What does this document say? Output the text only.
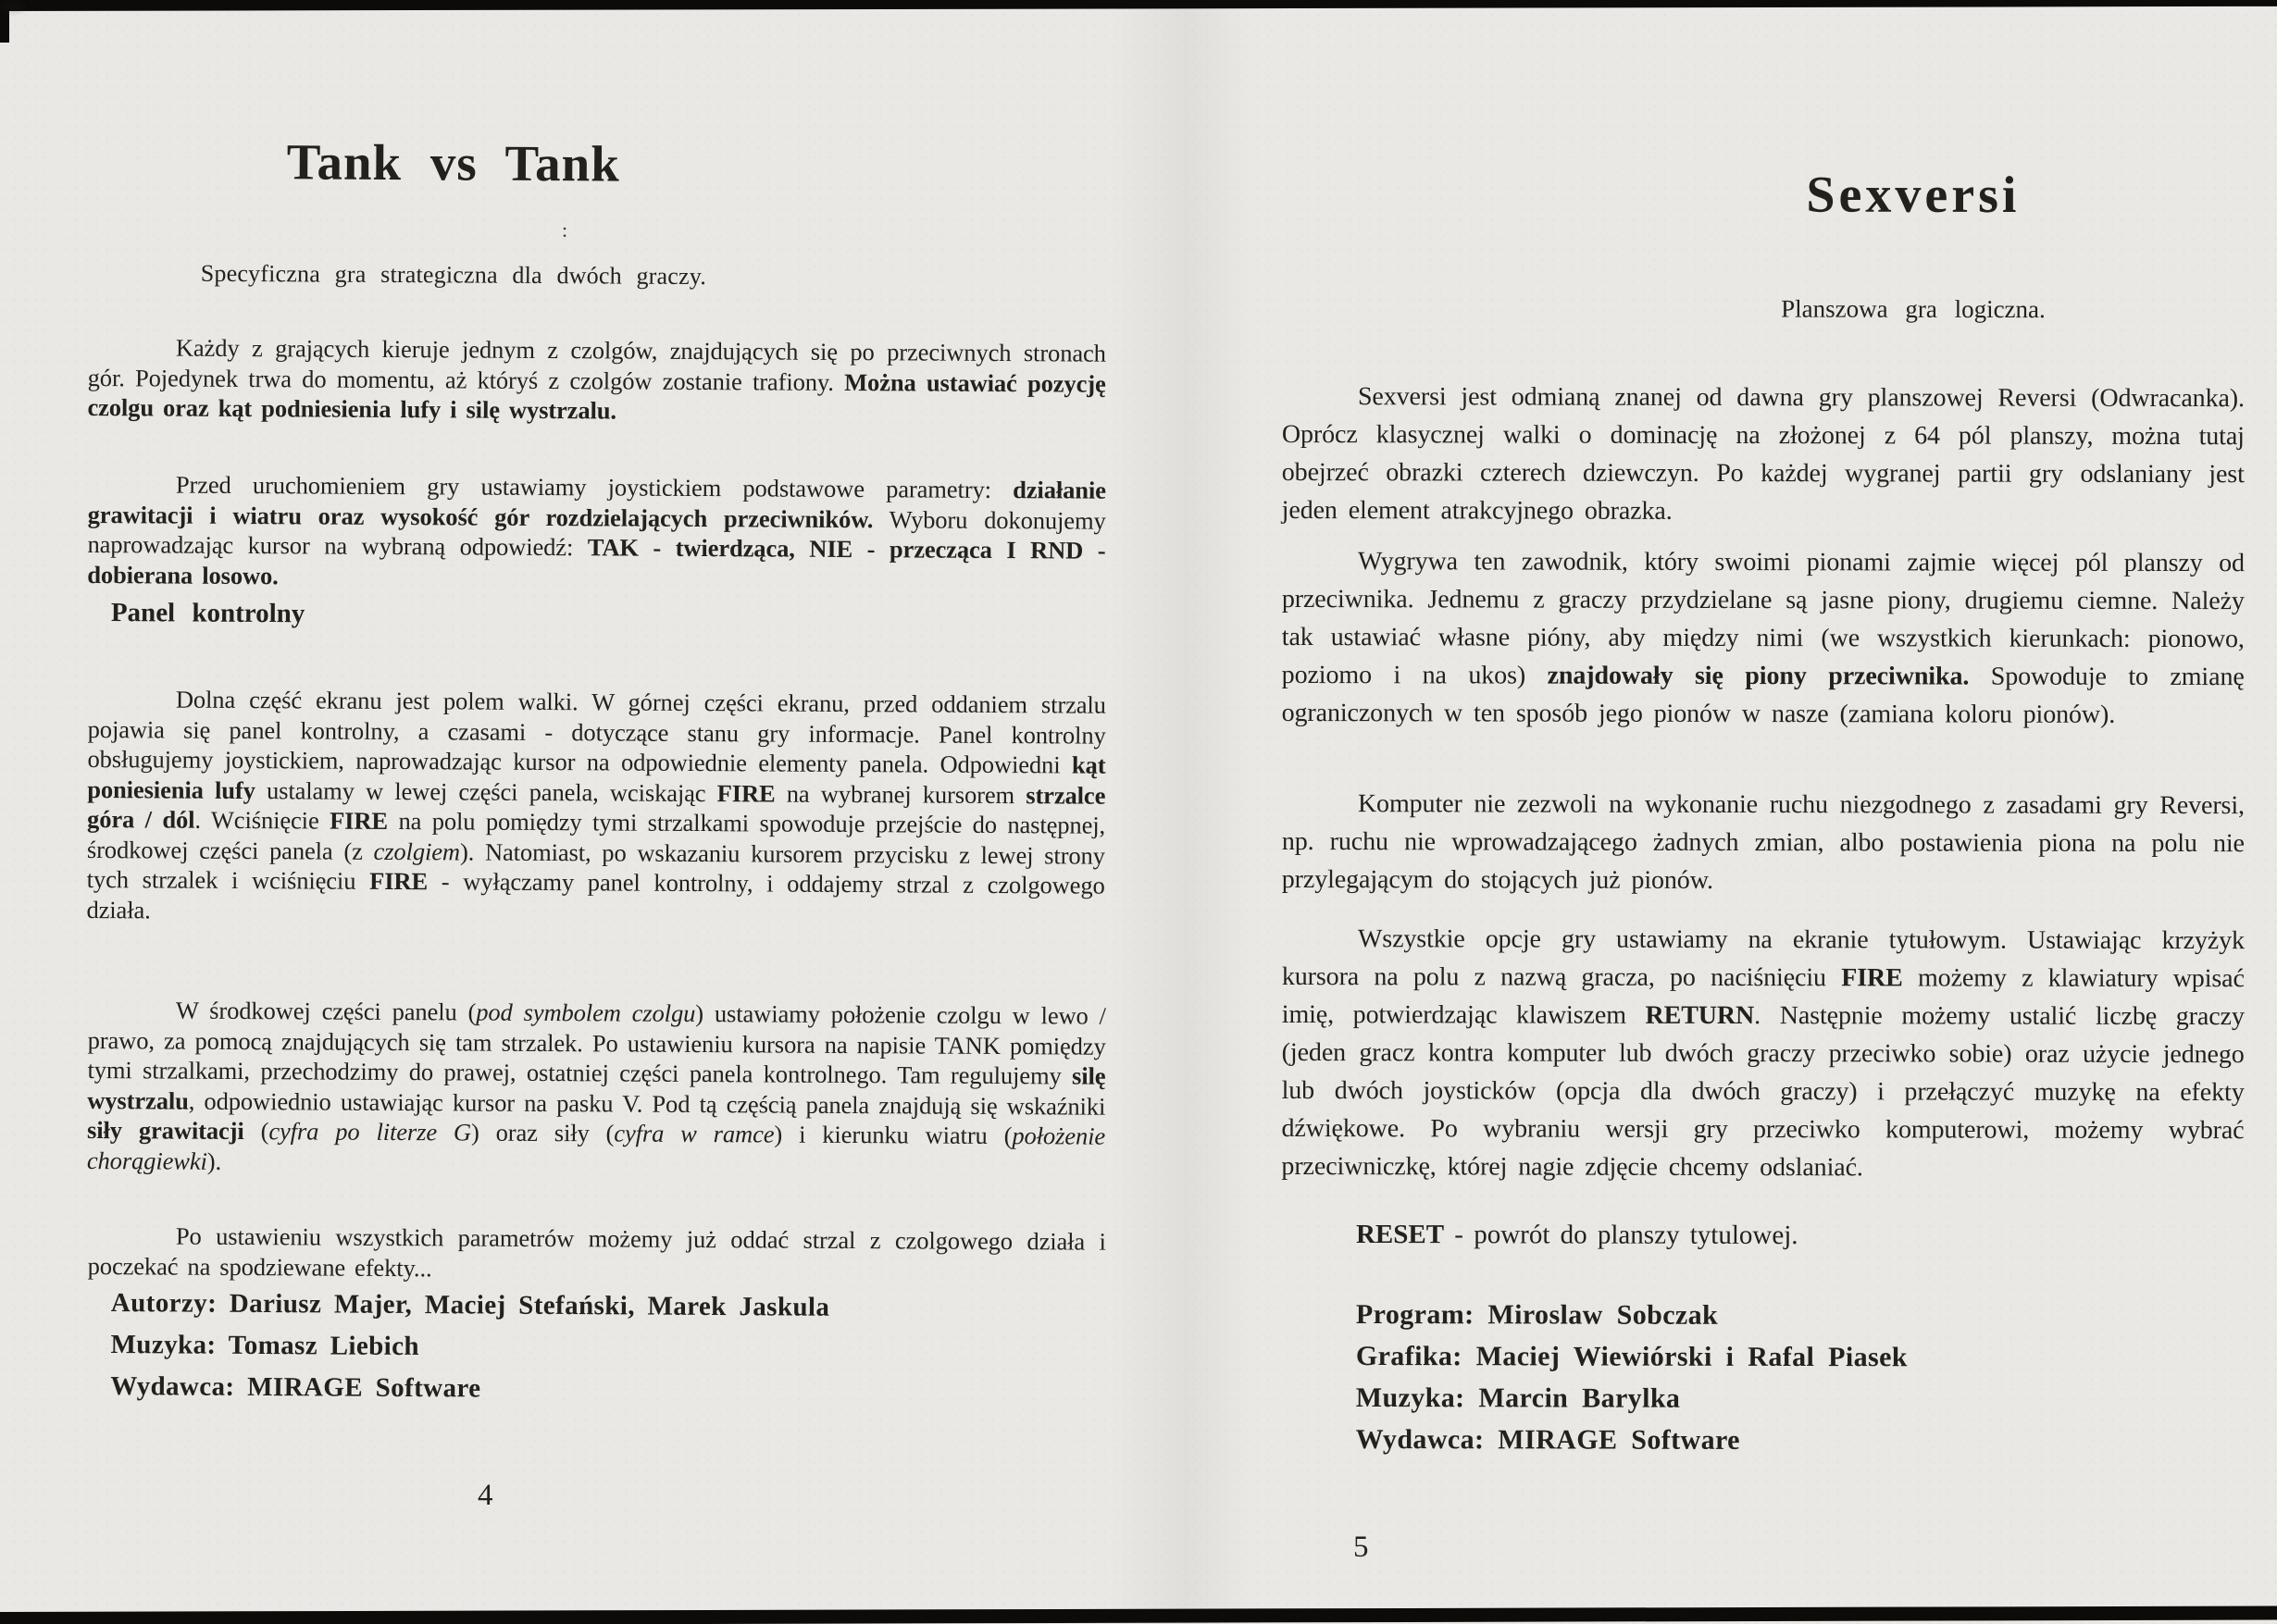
Tank vs Tank
:
Specyficzna gra strategiczna dla dwóch graczy.

Każdy z grających kieruje jednym z czolgów, znajdujących się po przeciwnych stronach gór. Pojedynek trwa do momentu, aż któryś z czolgów zostanie trafiony. Można ustawiać pozycję czolgu oraz kąt podniesienia lufy i silę wystrzalu.

Przed uruchomieniem gry ustawiamy joystickiem podstawowe parametry: działanie grawitacji i wiatru oraz wysokość gór rozdzielających przeciwników. Wyboru dokonujemy naprowadzając kursor na wybraną odpowiedź: TAK - twierdząca, NIE - przecząca I RND - dobierana losowo.

Panel kontrolny

Dolna część ekranu jest polem walki. W górnej części ekranu, przed oddaniem strzalu pojawia się panel kontrolny, a czasami - dotyczące stanu gry informacje. Panel kontrolny obsługujemy joystickiem, naprowadzając kursor na odpowiednie elementy panela. Odpowiedni kąt poniesienia lufy ustalamy w lewej części panela, wciskając FIRE na wybranej kursorem strzalce góra / dól. Wciśnięcie FIRE na polu pomiędzy tymi strzalkami spowoduje przejście do następnej, środkowej części panela (z czolgiem). Natomiast, po wskazaniu kursorem przycisku z lewej strony tych strzalek i wciśnięciu FIRE - wyłączamy panel kontrolny, i oddajemy strzal z czolgowego działa.

W środkowej części panelu (pod symbolem czolgu) ustawiamy położenie czolgu w lewo / prawo, za pomocą znajdujących się tam strzalek. Po ustawieniu kursora na napisie TANK pomiędzy tymi strzalkami, przechodzimy do prawej, ostatniej części panela kontrolnego. Tam regulujemy silę wystrzalu, odpowiednio ustawiając kursor na pasku V. Pod tą częścią panela znajdują się wskaźniki siły grawitacji (cyfra po literze G) oraz siły (cyfra w ramce) i kierunku wiatru (położenie chorągiewki).

Po ustawieniu wszystkich parametrów możemy już oddać strzal z czolgowego działa i poczekać na spodziewane efekty...

Autorzy: Dariusz Majer, Maciej Stefański, Marek Jaskula
Muzyka: Tomasz Liebich
Wydawca: MIRAGE Software
4
Sexversi
Planszowa gra logiczna.

Sexversi jest odmianą znanej od dawna gry planszowej Reversi (Odwracanka). Oprócz klasycznej walki o dominację na złożonej z 64 pól planszy, można tutaj obejrzeć obrazki czterech dziewczyn. Po każdej wygranej partii gry odslaniany jest jeden element atrakcyjnego obrazka.

Wygrywa ten zawodnik, który swoimi pionami zajmie więcej pól planszy od przeciwnika. Jednemu z graczy przydzielane są jasne piony, drugiemu ciemne. Należy tak ustawiać własne pióny, aby między nimi (we wszystkich kierunkach: pionowo, poziomo i na ukos) znajdowały się piony przeciwnika. Spowoduje to zmianę ograniczonych w ten sposób jego pionów w nasze (zamiana koloru pionów).

Komputer nie zezwoli na wykonanie ruchu niezgodnego z zasadami gry Reversi, np. ruchu nie wprowadzającego żadnych zmian, albo postawienia piona na polu nie przylegającym do stojących już pionów.

Wszystkie opcje gry ustawiamy na ekranie tytułowym. Ustawiając krzyżyk kursora na polu z nazwą gracza, po naciśnięciu FIRE możemy z klawiatury wpisać imię, potwierdzając klawiszem RETURN. Następnie możemy ustalić liczbę graczy (jeden gracz kontra komputer lub dwóch graczy przeciwko sobie) oraz użycie jednego lub dwóch joysticków (opcja dla dwóch graczy) i przełączyć muzykę na efekty dźwiękowe. Po wybraniu wersji gry przeciwko komputerowi, możemy wybrać przeciwniczkę, której nagie zdjęcie chcemy odslaniać.

RESET - powrót do planszy tytulowej.
Program: Miroslaw Sobczak
Grafika: Maciej Wiewiórski i Rafal Piasek
Muzyka: Marcin Barylka
Wydawca: MIRAGE Software
5
